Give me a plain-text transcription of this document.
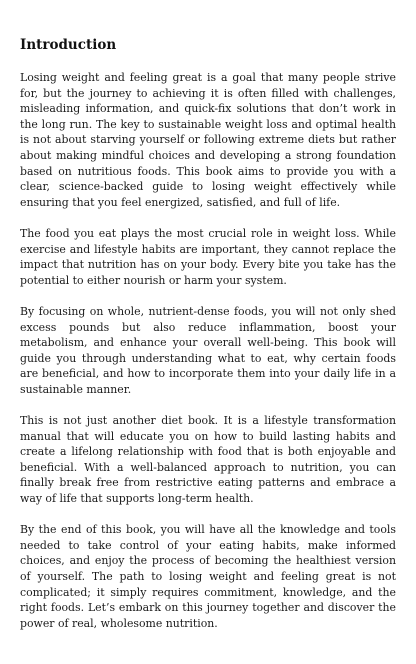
Introduction

Losing weight and feeling great is a goal that many people strive for, but the journey to achieving it is often filled with challenges, misleading information, and quick-fix solutions that don’t work in the long run. The key to sustainable weight loss and optimal health is not about starving yourself or following extreme diets but rather about making mindful choices and developing a strong foundation based on nutritious foods. This book aims to provide you with a clear, science-backed guide to losing weight effectively while ensuring that you feel energized, satisfied, and full of life.

The food you eat plays the most crucial role in weight loss. While exercise and lifestyle habits are important, they cannot replace the impact that nutrition has on your body. Every bite you take has the potential to either nourish or harm your system.

By focusing on whole, nutrient-dense foods, you will not only shed excess pounds but also reduce inflammation, boost your metabolism, and enhance your overall well-being. This book will guide you through understanding what to eat, why certain foods are beneficial, and how to incorporate them into your daily life in a sustainable manner.

This is not just another diet book. It is a lifestyle transformation manual that will educate you on how to build lasting habits and create a lifelong relationship with food that is both enjoyable and beneficial. With a well-balanced approach to nutrition, you can finally break free from restrictive eating patterns and embrace a way of life that supports long-term health.

By the end of this book, you will have all the knowledge and tools needed to take control of your eating habits, make informed choices, and enjoy the process of becoming the healthiest version of yourself. The path to losing weight and feeling great is not complicated; it simply requires commitment, knowledge, and the right foods. Let’s embark on this journey together and discover the power of real, wholesome nutrition.
